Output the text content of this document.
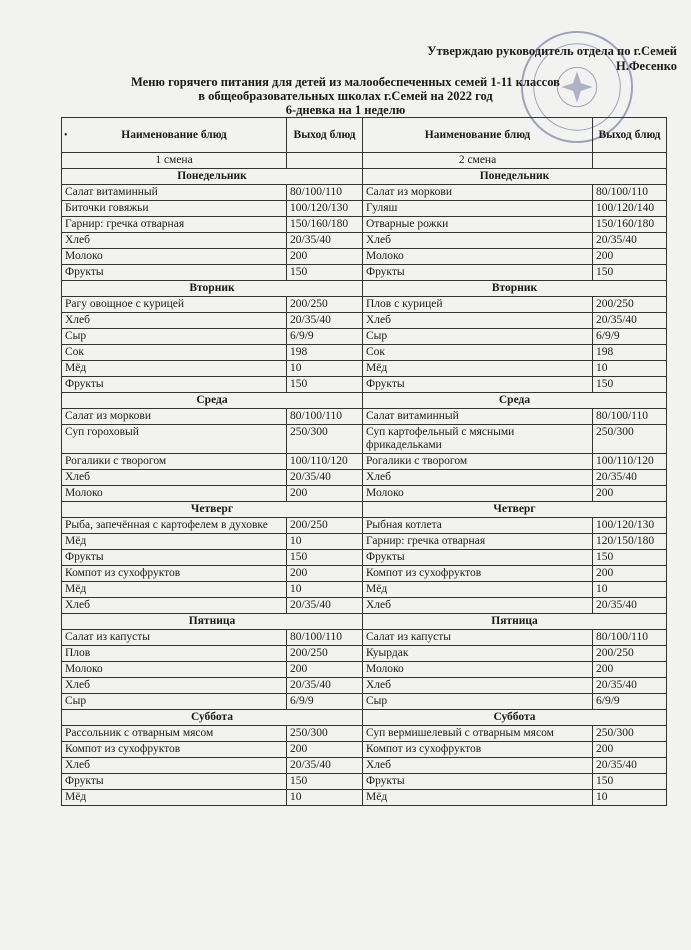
Утверждаю руководитель отдела по г.Семей
Н.Фесенко
Меню горячего питания для детей из малообеспеченных семей 1-11 классов
в общеобразовательных школах г.Семей на 2022 год
6-дневка на 1 неделю
•	Наименование блюд	Выход блюд	Наименование блюд	Выход блюд
1 смена		2 смена	
Понедельник		Понедельник	
Салат витаминный	80/100/110	Салат из моркови	80/100/110
Биточки говяжьи	100/120/130	Гуляш	100/120/140
Гарнир: гречка отварная	150/160/180	Отварные рожки	150/160/180
Хлеб	20/35/40	Хлеб	20/35/40
Молоко	200	Молоко	200
Фрукты	150	Фрукты	150
Вторник		Вторник	
Рагу овощное с курицей	200/250	Плов с курицей	200/250
Хлеб	20/35/40	Хлеб	20/35/40
Сыр	6/9/9	Сыр	6/9/9
Сок	198	Сок	198
Мёд	10	Мёд	10
Фрукты	150	Фрукты	150
Среда		Среда	
Салат из моркови	80/100/110	Салат витаминный	80/100/110
Суп гороховый	250/300	Суп картофельный с мясными фрикадельками	250/300
Рогалики с творогом	100/110/120	Рогалики с творогом	100/110/120
Хлеб	20/35/40	Хлеб	20/35/40
Молоко	200	Молоко	200
Четверг		Четверг	
Рыба, запечённая с картофелем в духовке	200/250	Рыбная котлета	100/120/130
Мёд	10	Гарнир: гречка отварная	120/150/180
Фрукты	150	Фрукты	150
Компот из сухофруктов	200	Компот из сухофруктов	200
Мёд	10	Мёд	10
Хлеб	20/35/40	Хлеб	20/35/40
Пятница		Пятница	
Салат из капусты	80/100/110	Салат из капусты	80/100/110
Плов	200/250	Куырдак	200/250
Молоко	200	Молоко	200
Хлеб	20/35/40	Хлеб	20/35/40
Сыр	6/9/9	Сыр	6/9/9
Суббота		Суббота	
Рассольник с отварным мясом	250/300	Суп вермишелевый с отварным мясом	250/300
Компот из сухофруктов	200	Компот из сухофруктов	200
Хлеб	20/35/40	Хлеб	20/35/40
Фрукты	150	Фрукты	150
Мёд	10	Мёд	10
